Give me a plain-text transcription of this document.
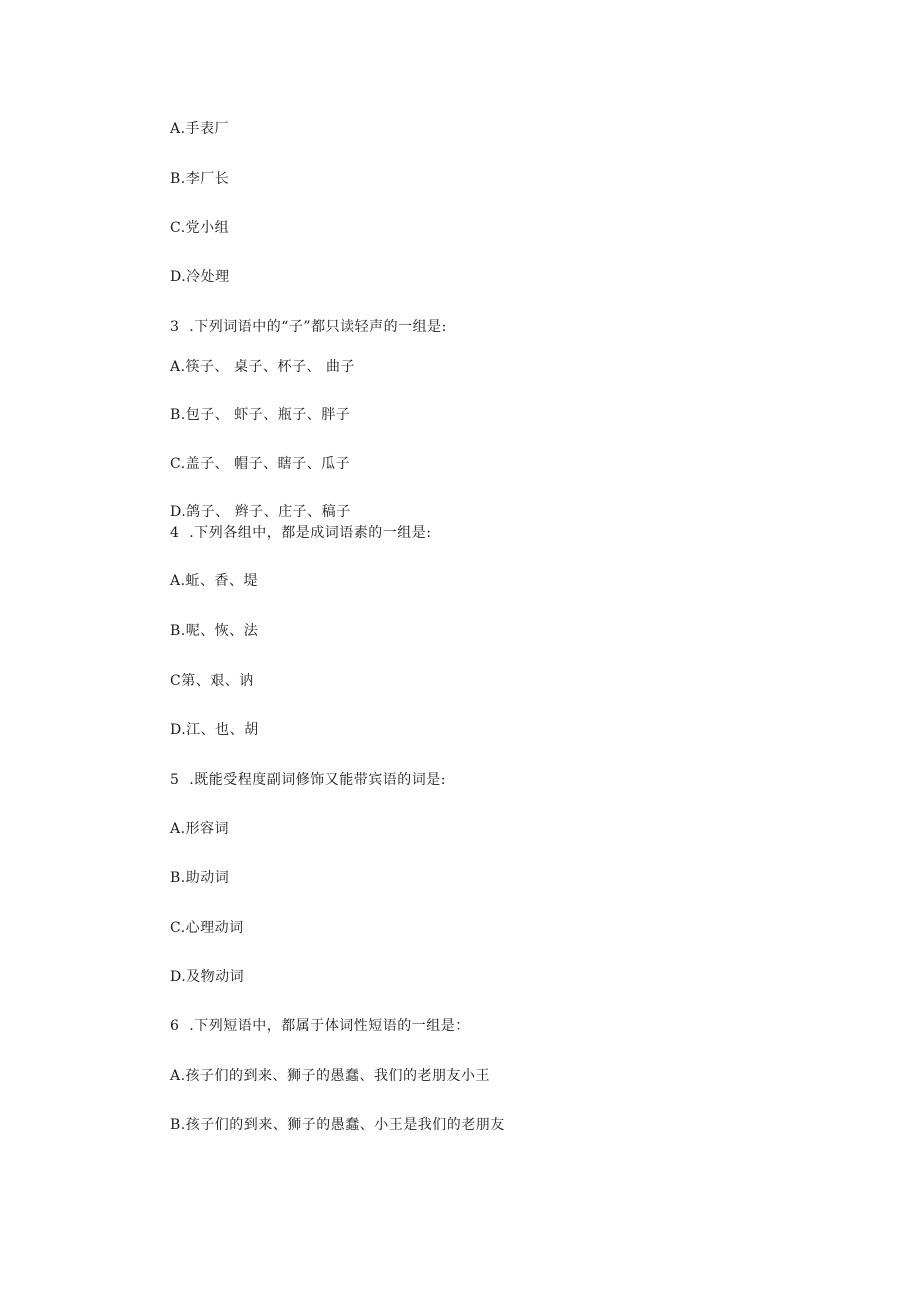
A.手表厂
B.李厂长
C.党小组
D.冷处理
3  .下列词语中的“子”都只读轻声的一组是:
A.筷子、 桌子、杯子、 曲子
B.包子、 虾子、瓶子、胖子
C.盖子、 帽子、瞎子、瓜子
D.鸽子、 辫子、庄子、稿子
4  .下列各组中，都是成词语素的一组是:
A.蚯、香、堤
B.呢、恢、法
C第、艰、讷
D.江、也、胡
5  .既能受程度副词修饰又能带宾语的词是:
A.形容词
B.助动词
C.心理动词
D.及物动词
6  .下列短语中，都属于体词性短语的一组是：
A.孩子们的到来、狮子的愚蠢、我们的老朋友小王
B.孩子们的到来、狮子的愚蠢、小王是我们的老朋友
